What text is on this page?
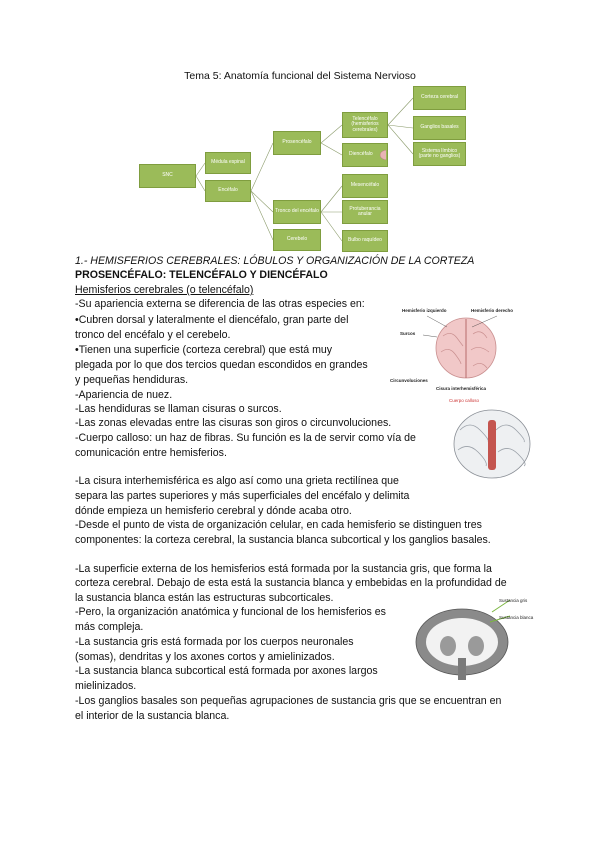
Tema 5: Anatomía funcional del Sistema Nervioso
SNC
Médula espinal
Encéfalo
Prosencéfalo
Tronco del encéfalo
Cerebelo
Telencéfalo (hemisferios cerebrales)
Diencéfalo
Mesencéfalo
Protuberancia anular
Bulbo raquídeo
Corteza cerebral
Ganglios basales
Sistema límbico (parte no ganglios)
1.- HEMISFERIOS CEREBRALES: LÓBULOS Y ORGANIZACIÓN DE LA CORTEZA
PROSENCÉFALO: TELENCÉFALO Y DIENCÉFALO
Hemisferios cerebrales (o telencéfalo)
-Su apariencia externa se diferencia de las otras especies en:
•Cubren dorsal y lateralmente el diencéfalo, gran parte del
tronco del encéfalo y el cerebelo.
•Tienen una superficie (corteza cerebral) que está muy
plegada por lo que dos tercios quedan escondidos en grandes
y pequeñas hendiduras.
-Apariencia de nuez.
-Las hendiduras se llaman cisuras o surcos.
-Las zonas elevadas entre las cisuras son giros o circunvoluciones.
-Cuerpo calloso: un haz de fibras. Su función es la de servir como vía de
comunicación entre hemisferios.
-La cisura interhemisférica es algo así como una grieta rectilínea que
separa las partes superiores y más superficiales del encéfalo y delimita
dónde empieza un hemisferio cerebral y dónde acaba otro.
-Desde el punto de vista de organización celular, en cada hemisferio se distinguen tres
componentes: la corteza cerebral, la sustancia blanca subcortical y los ganglios basales.
-La superficie externa de los hemisferios está formada por la sustancia gris, que forma la
corteza cerebral. Debajo de esta está la sustancia blanca y embebidas en la profundidad de
la sustancia blanca están las estructuras subcorticales.
-Pero, la organización anatómica y funcional de los hemisferios es
más compleja.
-La sustancia gris está formada por los cuerpos neuronales
(somas), dendritas y los axones cortos y amielinizados.
-La sustancia blanca subcortical está formada por axones largos
mielinizados.
-Los ganglios basales son pequeñas agrupaciones de sustancia gris que se encuentran en
el interior de la sustancia blanca.
Hemisferio izquierdo	Hemisferio derecho
Surcos
Circunvoluciones
Cisura interhemisférica
Cuerpo calloso
Sustancia gris
Sustancia blanca
